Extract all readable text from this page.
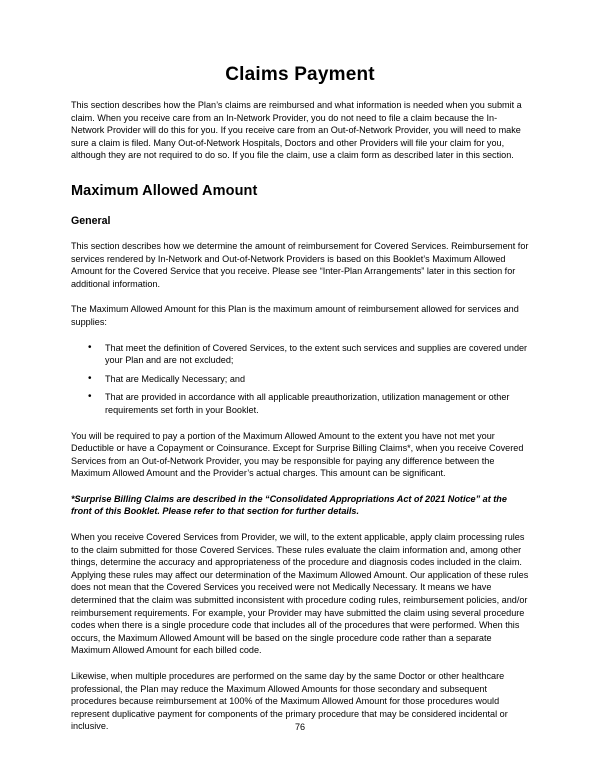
Claims Payment

This section describes how the Plan’s claims are reimbursed and what information is needed when you submit a claim. When you receive care from an In-Network Provider, you do not need to file a claim because the In-Network Provider will do this for you. If you receive care from an Out-of-Network Provider, you will need to make sure a claim is filed. Many Out-of-Network Hospitals, Doctors and other Providers will file your claim for you, although they are not required to do so. If you file the claim, use a claim form as described later in this section.

Maximum Allowed Amount
General

This section describes how we determine the amount of reimbursement for Covered Services. Reimbursement for services rendered by In-Network and Out-of-Network Providers is based on this Booklet’s Maximum Allowed Amount for the Covered Service that you receive. Please see “Inter-Plan Arrangements” later in this section for additional information.

The Maximum Allowed Amount for this Plan is the maximum amount of reimbursement allowed for services and supplies:

• That meet the definition of Covered Services, to the extent such services and supplies are covered under your Plan and are not excluded;
• That are Medically Necessary; and
• That are provided in accordance with all applicable preauthorization, utilization management or other requirements set forth in your Booklet.

You will be required to pay a portion of the Maximum Allowed Amount to the extent you have not met your Deductible or have a Copayment or Coinsurance. Except for Surprise Billing Claims*, when you receive Covered Services from an Out-of-Network Provider, you may be responsible for paying any difference between the Maximum Allowed Amount and the Provider’s actual charges. This amount can be significant.

*Surprise Billing Claims are described in the “Consolidated Appropriations Act of 2021 Notice” at the front of this Booklet. Please refer to that section for further details.

When you receive Covered Services from Provider, we will, to the extent applicable, apply claim processing rules to the claim submitted for those Covered Services. These rules evaluate the claim information and, among other things, determine the accuracy and appropriateness of the procedure and diagnosis codes included in the claim. Applying these rules may affect our determination of the Maximum Allowed Amount. Our application of these rules does not mean that the Covered Services you received were not Medically Necessary. It means we have determined that the claim was submitted inconsistent with procedure coding rules, reimbursement policies, and/or reimbursement requirements. For example, your Provider may have submitted the claim using several procedure codes when there is a single procedure code that includes all of the procedures that were performed. When this occurs, the Maximum Allowed Amount will be based on the single procedure code rather than a separate Maximum Allowed Amount for each billed code.

Likewise, when multiple procedures are performed on the same day by the same Doctor or other healthcare professional, the Plan may reduce the Maximum Allowed Amounts for those secondary and subsequent procedures because reimbursement at 100% of the Maximum Allowed Amount for those procedures would represent duplicative payment for components of the primary procedure that may be considered incidental or inclusive.	76
